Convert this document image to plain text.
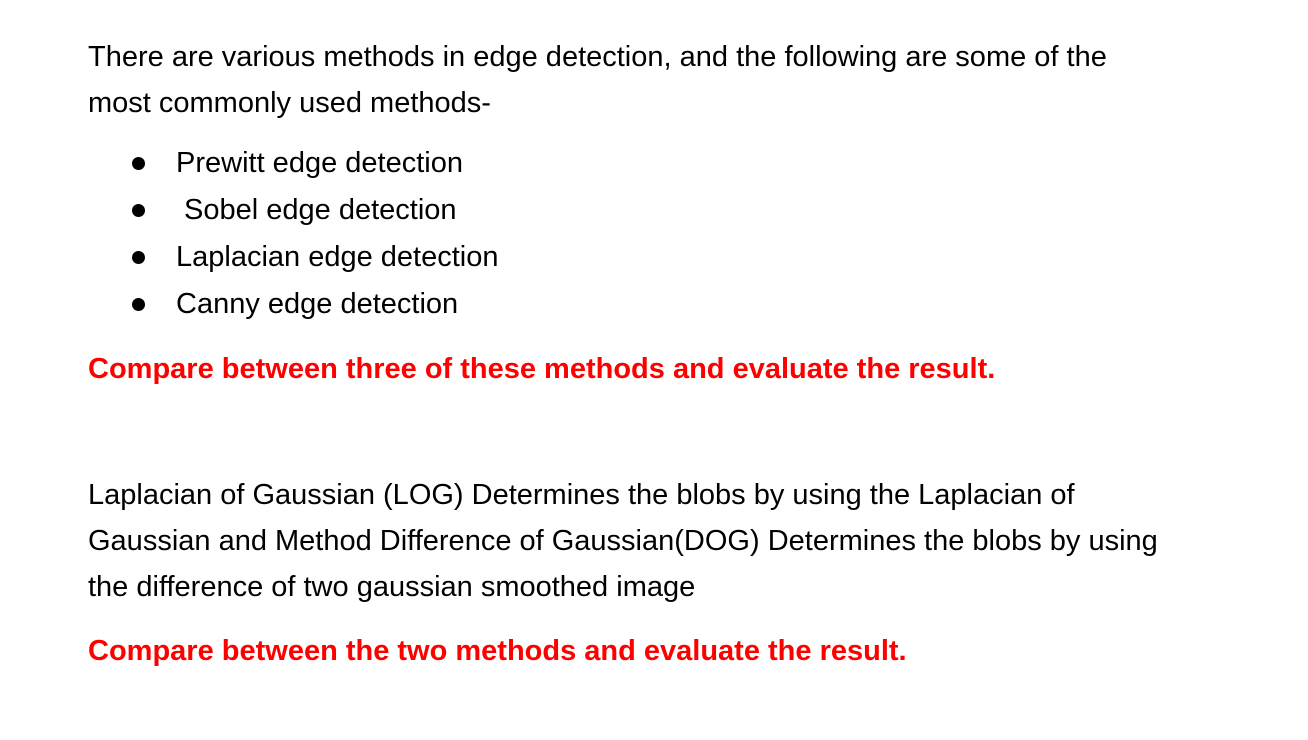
There are various methods in edge detection, and the following are some of the
most commonly used methods-

Prewitt edge detection
Sobel edge detection
Laplacian edge detection
Canny edge detection

Compare between three of these methods and evaluate the result.

Laplacian of Gaussian (LOG) Determines the blobs by using the Laplacian of
Gaussian and Method Difference of Gaussian(DOG) Determines the blobs by using
the difference of two gaussian smoothed image

Compare between the two methods and evaluate the result.
